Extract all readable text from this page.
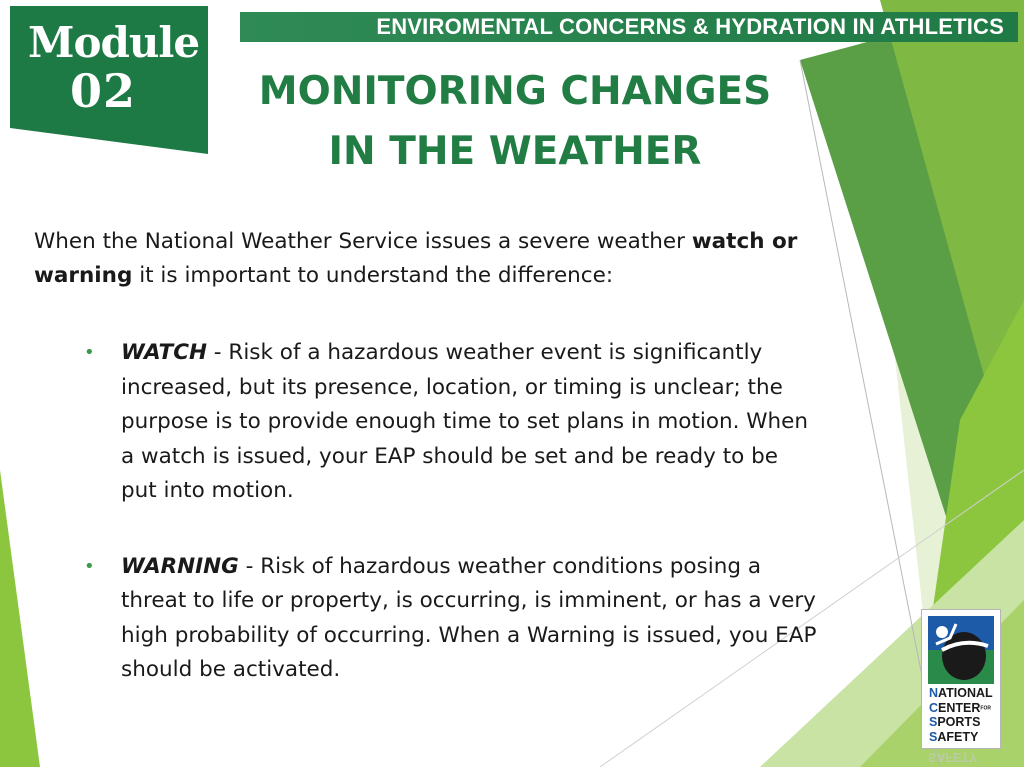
ENVIROMENTAL CONCERNS & HYDRATION IN ATHLETICS
Module
02	MONITORING CHANGES
IN THE WEATHER

When the National Weather Service issues a severe weather watch or warning it is important to understand the difference:

• WATCH - Risk of a hazardous weather event is significantly increased, but its presence, location, or timing is unclear; the purpose is to provide enough time to set plans in motion. When a watch is issued, your EAP should be set and be ready to be put into motion.
• WARNING - Risk of hazardous weather conditions posing a threat to life or property, is occurring, is imminent, or has a very high probability of occurring. When a Warning is issued, you EAP should be activated.
NATIONAL
CENTERFOR
SPORTS
SAFETY
SAFETY
